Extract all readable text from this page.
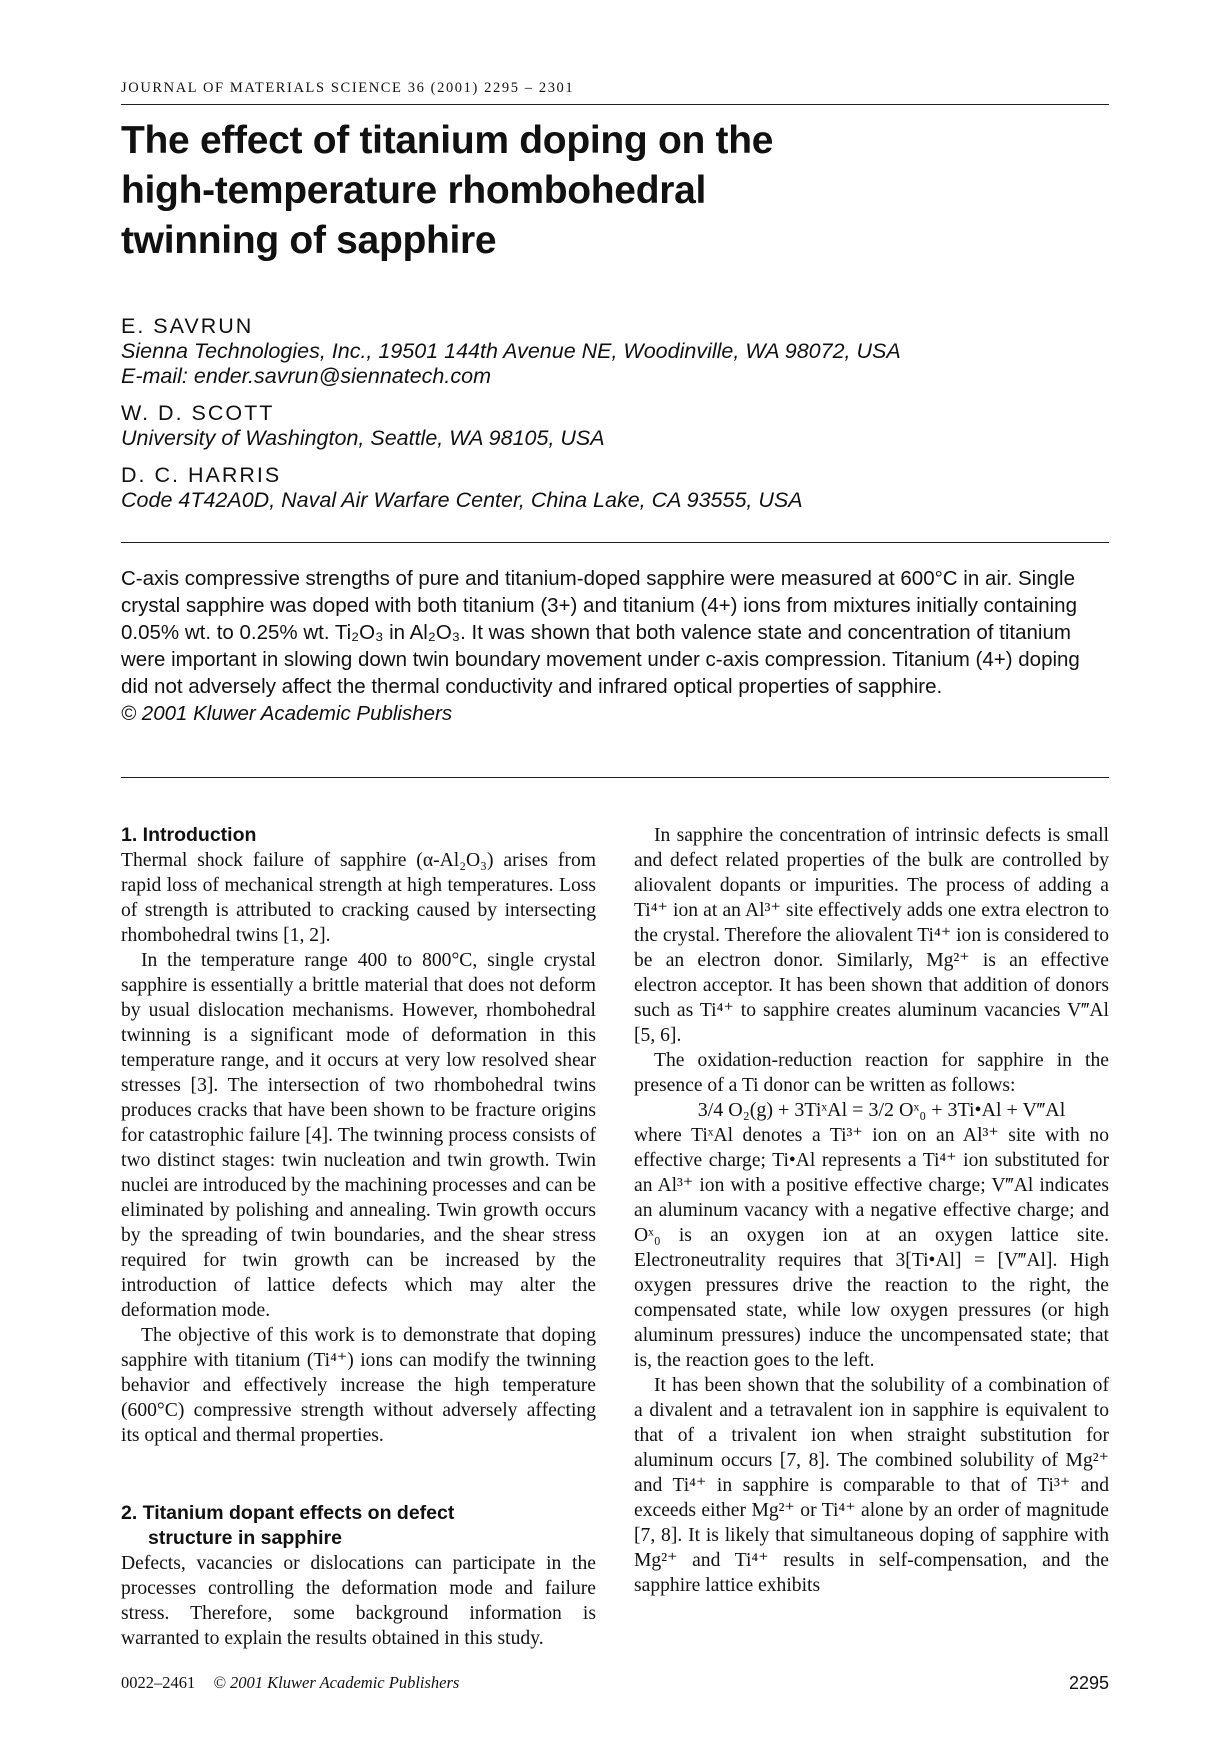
JOURNAL OF MATERIALS SCIENCE 36 (2001) 2295 – 2301
The effect of titanium doping on the
high-temperature rhombohedral
twinning of sapphire
E. SAVRUN
Sienna Technologies, Inc., 19501 144th Avenue NE, Woodinville, WA 98072, USA
E-mail: ender.savrun@siennatech.com
W. D. SCOTT
University of Washington, Seattle, WA 98105, USA
D. C. HARRIS
Code 4T42A0D, Naval Air Warfare Center, China Lake, CA 93555, USA
C-axis compressive strengths of pure and titanium-doped sapphire were measured at 600°C in air. Single crystal sapphire was doped with both titanium (3+) and titanium (4+) ions from mixtures initially containing 0.05% wt. to 0.25% wt. Ti₂O₃ in Al₂O₃. It was shown that both valence state and concentration of titanium were important in slowing down twin boundary movement under c-axis compression. Titanium (4+) doping did not adversely affect the thermal conductivity and infrared optical properties of sapphire.
© 2001 Kluwer Academic Publishers
1. Introduction

Thermal shock failure of sapphire (α-Al₂O₃) arises from rapid loss of mechanical strength at high temperatures. Loss of strength is attributed to cracking caused by intersecting rhombohedral twins [1, 2].

In the temperature range 400 to 800°C, single crystal sapphire is essentially a brittle material that does not deform by usual dislocation mechanisms. However, rhombohedral twinning is a significant mode of deformation in this temperature range, and it occurs at very low resolved shear stresses [3]. The intersection of two rhombohedral twins produces cracks that have been shown to be fracture origins for catastrophic failure [4]. The twinning process consists of two distinct stages: twin nucleation and twin growth. Twin nuclei are introduced by the machining processes and can be eliminated by polishing and annealing. Twin growth occurs by the spreading of twin boundaries, and the shear stress required for twin growth can be increased by the introduction of lattice defects which may alter the deformation mode.

The objective of this work is to demonstrate that doping sapphire with titanium (Ti⁴⁺) ions can modify the twinning behavior and effectively increase the high temperature (600°C) compressive strength without adversely affecting its optical and thermal properties.

2. Titanium dopant effects on defect
structure in sapphire

Defects, vacancies or dislocations can participate in the processes controlling the deformation mode and failure stress. Therefore, some background information is warranted to explain the results obtained in this study.

In sapphire the concentration of intrinsic defects is small and defect related properties of the bulk are controlled by aliovalent dopants or impurities. The process of adding a Ti⁴⁺ ion at an Al³⁺ site effectively adds one extra electron to the crystal. Therefore the aliovalent Ti⁴⁺ ion is considered to be an electron donor. Similarly, Mg²⁺ is an effective electron acceptor. It has been shown that addition of donors such as Ti⁴⁺ to sapphire creates aluminum vacancies V‴Al [5, 6].

The oxidation-reduction reaction for sapphire in the presence of a Ti donor can be written as follows:

3/4 O₂(g) + 3TiˣAl = 3/2 Oˣ₀ + 3Ti•Al + V‴Al

where TiˣAl denotes a Ti³⁺ ion on an Al³⁺ site with no effective charge; Ti•Al represents a Ti⁴⁺ ion substituted for an Al³⁺ ion with a positive effective charge; V‴Al indicates an aluminum vacancy with a negative effective charge; and Oˣ₀ is an oxygen ion at an oxygen lattice site. Electroneutrality requires that 3[Ti•Al] = [V‴Al]. High oxygen pressures drive the reaction to the right, the compensated state, while low oxygen pressures (or high aluminum pressures) induce the uncompensated state; that is, the reaction goes to the left.

It has been shown that the solubility of a combination of a divalent and a tetravalent ion in sapphire is equivalent to that of a trivalent ion when straight substitution for aluminum occurs [7, 8]. The combined solubility of Mg²⁺ and Ti⁴⁺ in sapphire is comparable to that of Ti³⁺ and exceeds either Mg²⁺ or Ti⁴⁺ alone by an order of magnitude [7, 8]. It is likely that simultaneous doping of sapphire with Mg²⁺ and Ti⁴⁺ results in self-compensation, and the sapphire lattice exhibits

0022–2461 © 2001 Kluwer Academic Publishers	2295
